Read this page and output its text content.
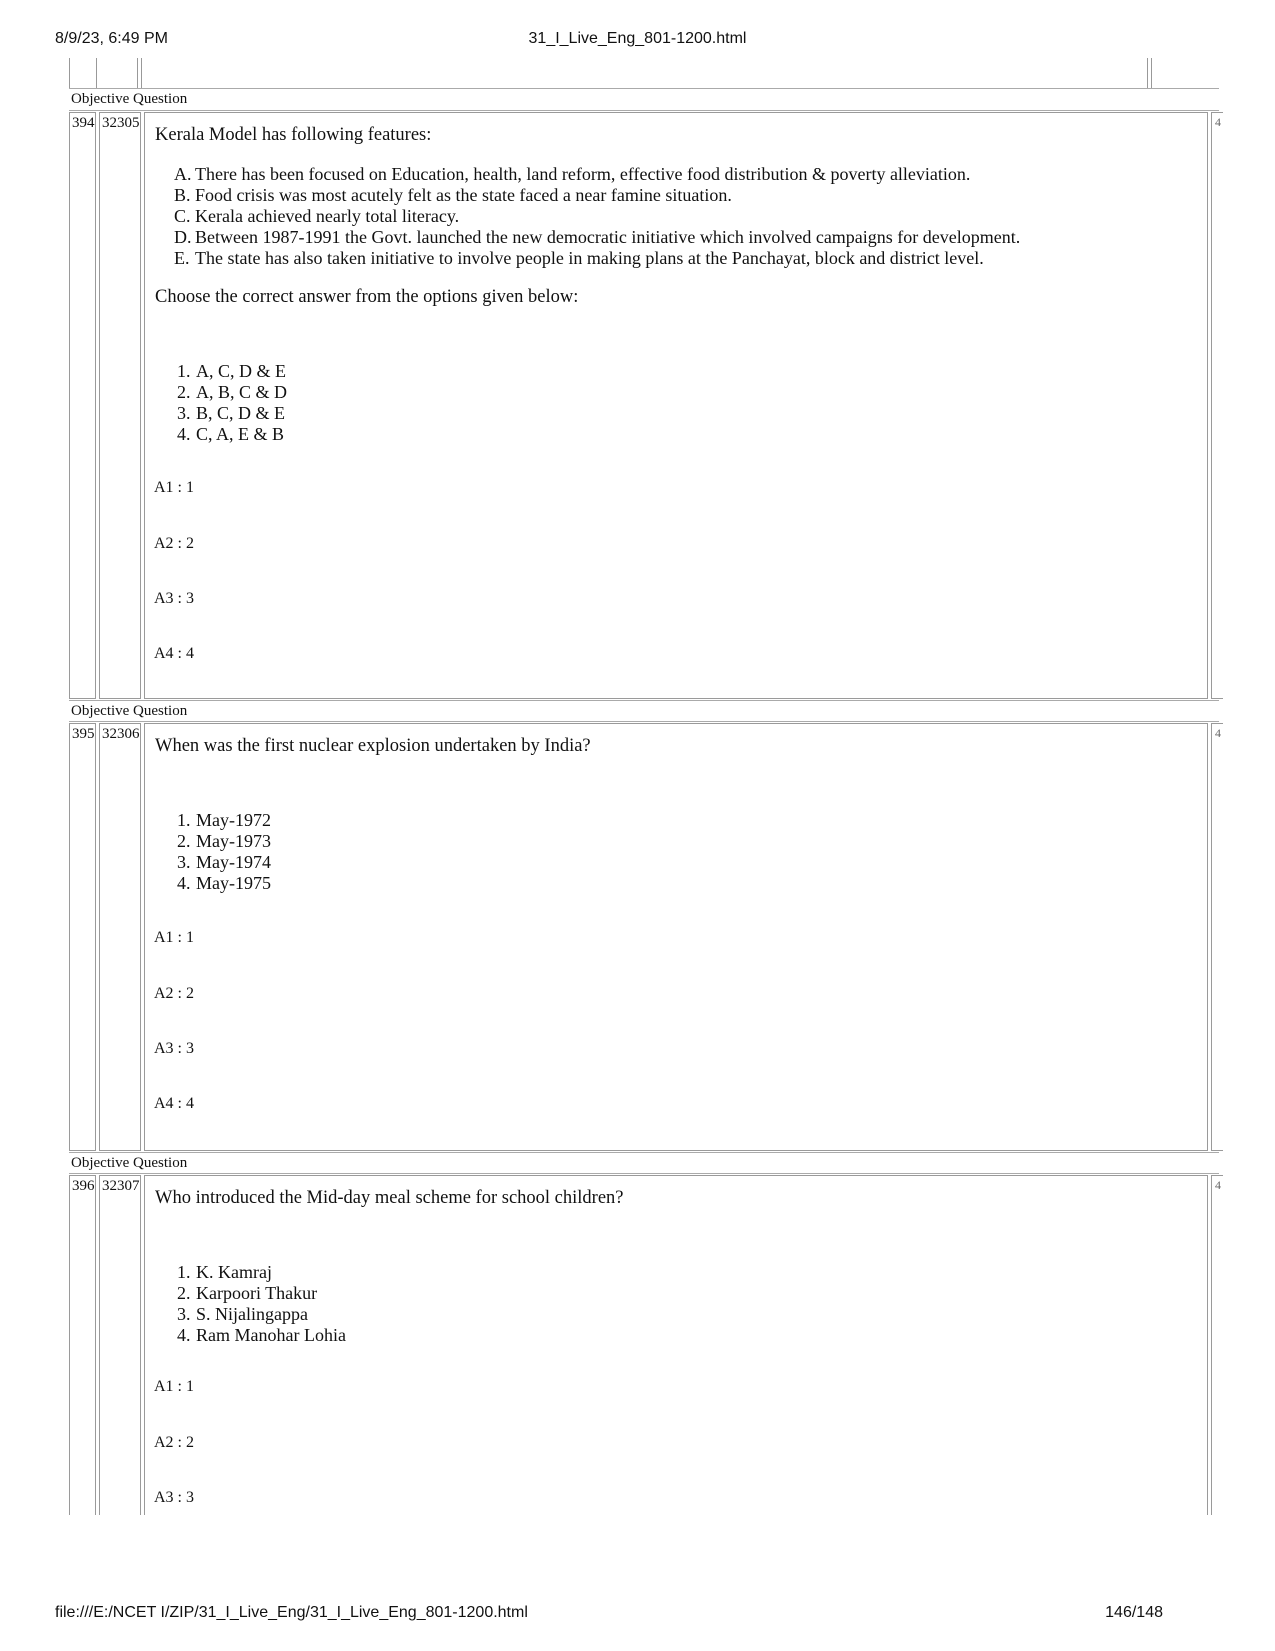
8/9/23, 6:49 PM	31_I_Live_Eng_801-1200.html
file:///E:/NCET I/ZIP/31_I_Live_Eng/31_I_Live_Eng_801-1200.html	146/148
Objective Question
394 32305

Kerala Model has following features:

A. There has been focused on Education, health, land reform, effective food distribution & poverty alleviation.
B. Food crisis was most acutely felt as the state faced a near famine situation.
C. Kerala achieved nearly total literacy.
D. Between 1987-1991 the Govt. launched the new democratic initiative which involved campaigns for development.
E. The state has also taken initiative to involve people in making plans at the Panchayat, block and district level.

Choose the correct answer from the options given below:

1. A, C, D & E
2. A, B, C & D
3. B, C, D & E
4. C, A, E & B
A1 : 1
A2 : 2
A3 : 3
A4 : 4
4
Objective Question
395 32306

When was the first nuclear explosion undertaken by India?

1. May-1972
2. May-1973
3. May-1974
4. May-1975
A1 : 1
A2 : 2
A3 : 3
A4 : 4
4
Objective Question
396 32307

Who introduced the Mid-day meal scheme for school children?

1. K. Kamraj
2. Karpoori Thakur
3. S. Nijalingappa
4. Ram Manohar Lohia
A1 : 1
A2 : 2
A3 : 3
4
